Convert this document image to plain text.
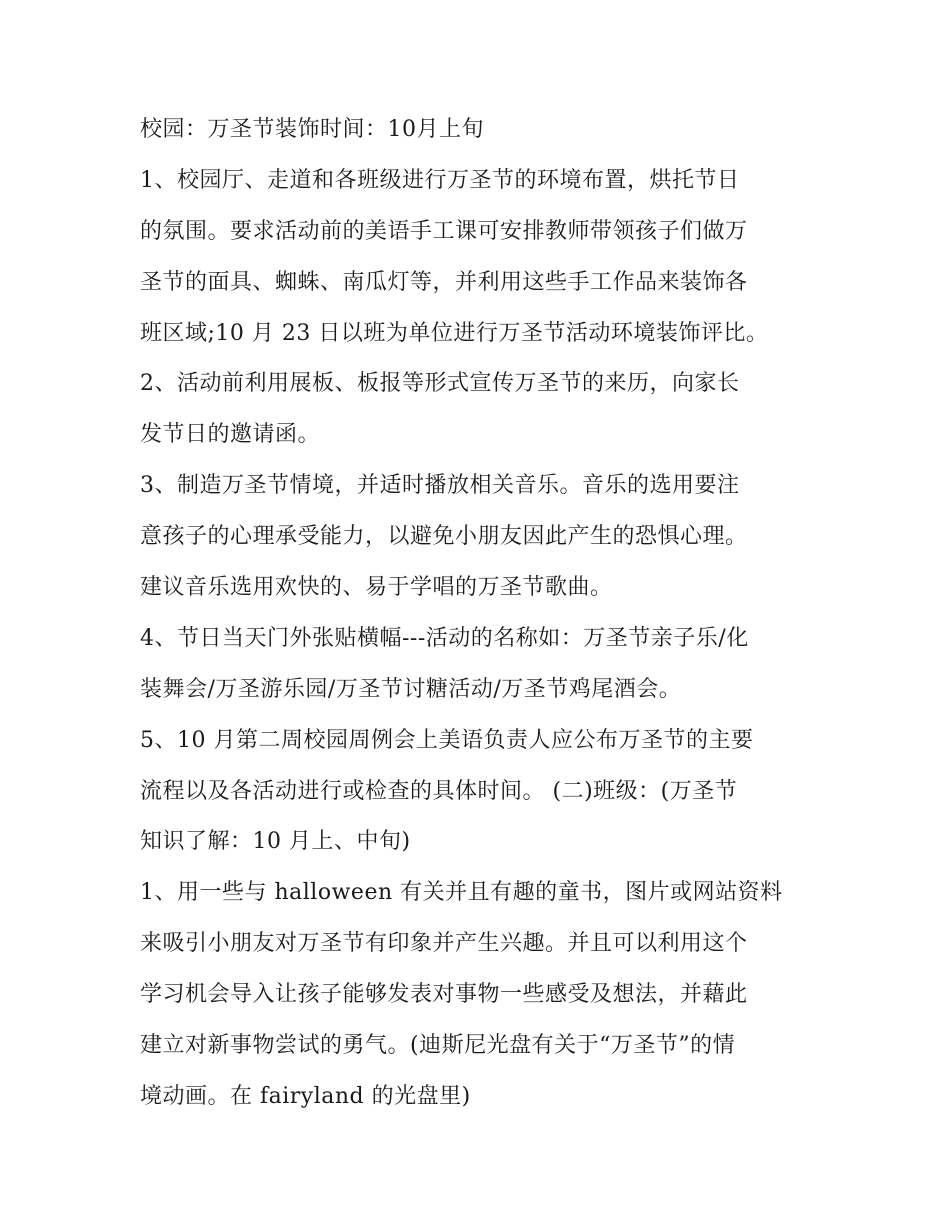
校园：万圣节装饰时间：10月上旬
1、校园厅、走道和各班级进行万圣节的环境布置，烘托节日
的氛围。要求活动前的美语手工课可安排教师带领孩子们做万
圣节的面具、蜘蛛、南瓜灯等，并利用这些手工作品来装饰各
班区域;10 月 23 日以班为单位进行万圣节活动环境装饰评比。
2、活动前利用展板、板报等形式宣传万圣节的来历，向家长
发节日的邀请函。
3、制造万圣节情境，并适时播放相关音乐。音乐的选用要注
意孩子的心理承受能力，以避免小朋友因此产生的恐惧心理。
建议音乐选用欢快的、易于学唱的万圣节歌曲。
4、节日当天门外张贴横幅---活动的名称如：万圣节亲子乐/化
装舞会/万圣游乐园/万圣节讨糖活动/万圣节鸡尾酒会。
5、10 月第二周校园周例会上美语负责人应公布万圣节的主要
流程以及各活动进行或检查的具体时间。 (二)班级：(万圣节
知识了解：10 月上、中旬)
1、用一些与 halloween 有关并且有趣的童书，图片或网站资料
来吸引小朋友对万圣节有印象并产生兴趣。并且可以利用这个
学习机会导入让孩子能够发表对事物一些感受及想法，并藉此
建立对新事物尝试的勇气。(迪斯尼光盘有关于“万圣节”的情
境动画。在 fairyland 的光盘里)
